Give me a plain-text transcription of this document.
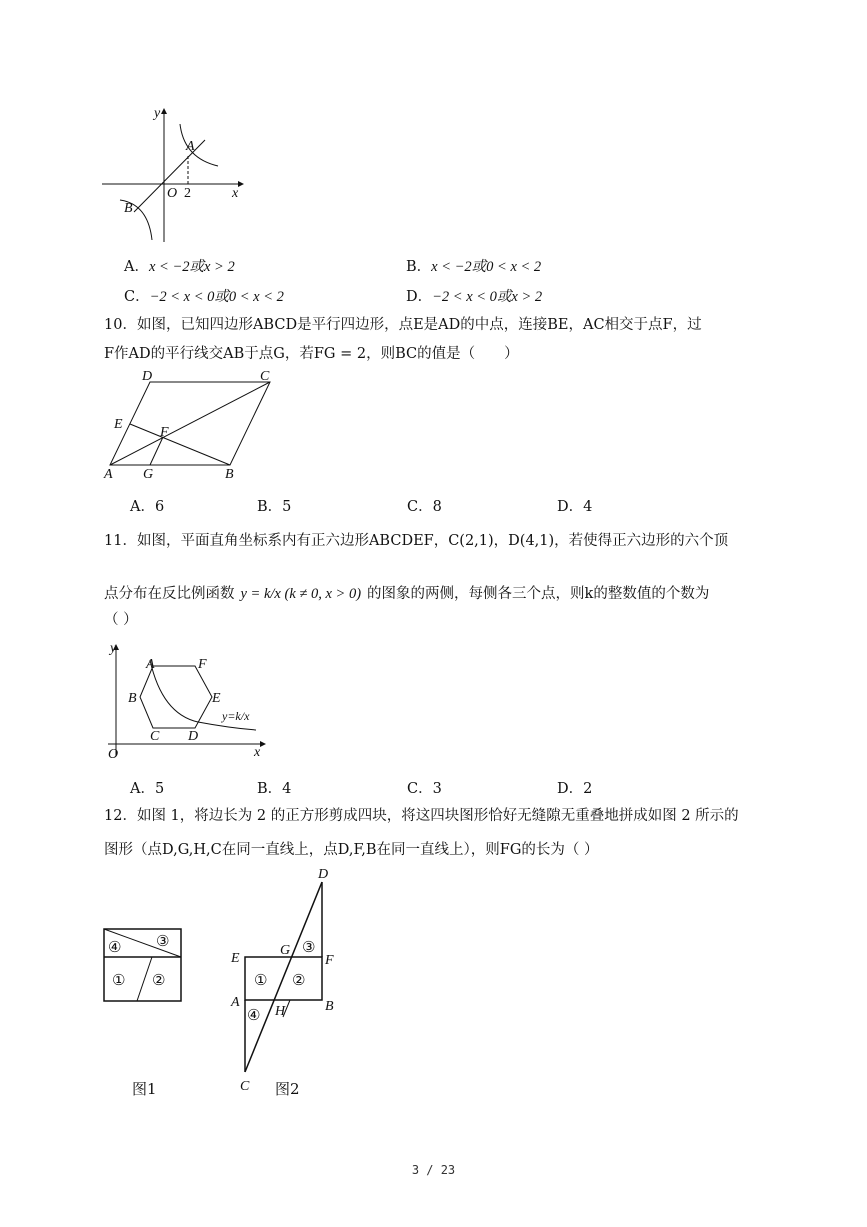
y
x
O 2
A
B
A．x < −2或x > 2	B．x < −2或0 < x < 2
C．−2 < x < 0或0 < x < 2	D．−2 < x < 0或x > 2
10．如图，已知四边形ABCD是平行四边形，点E是AD的中点，连接BE，AC相交于点F，过
F作AD的平行线交AB于点G，若FG = 2，则BC的值是（　　）
D	C
E
F
A G	B
A．6	B．5	C．8	D．4
11．如图，平面直角坐标系内有正六边形ABCDEF，C(2,1)，D(4,1)，若使得正六边形的六个顶
点分布在反比例函数 y = k/x (k ≠ 0, x > 0) 的图象的两侧，每侧各三个点，则k的整数值的个数为
（ ）
y
x
O
A	F
B	E
C D
y=k/x
A．5	B．4	C．3	D．2
12．如图 1，将边长为 2 的正方形剪成四块，将这四块图形恰好无缝隙无重叠地拼成如图 2 所示的
图形（点D,G,H,C在同一直线上，点D,F,B在同一直线上），则FG的长为（ ）
④ ③
① ②
图1
D
G
E	F
A	B
H
C
③
① ②
④
图2
3 / 23
